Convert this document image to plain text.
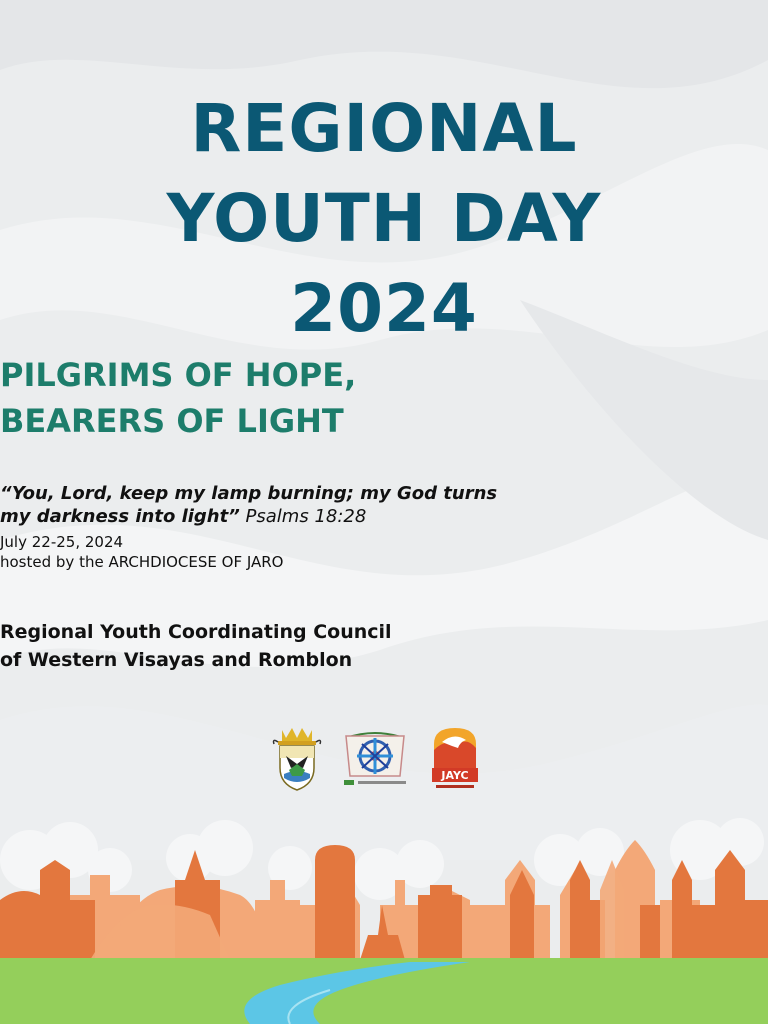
REGIONAL
YOUTH DAY
2024
PILGRIMS OF HOPE,
BEARERS OF LIGHT

“You, Lord, keep my lamp burning; my God turns
my darkness into light” Psalms 18:28

July 22-25, 2024
hosted by the ARCHDIOCESE OF JARO

Regional Youth Coordinating Council
of Western Visayas and Romblon

JAYC
